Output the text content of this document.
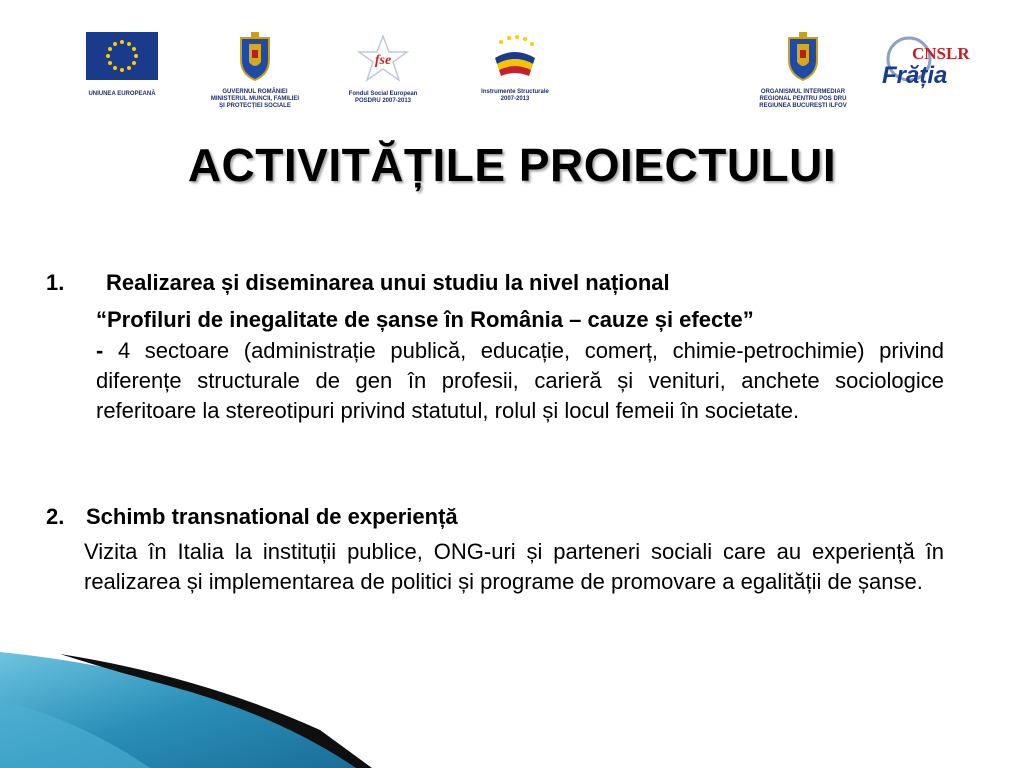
UNIUNEA EUROPEANĂ	GUVERNUL ROMÂNIEI
MINISTERUL MUNCII, FAMILIEI
ȘI PROTECȚIEI SOCIALE
fse
Fondul Social European
POSDRU 2007-2013
Instrumente Structurale
2007-2013
ORGANISMUL INTERMEDIAR
REGIONAL PENTRU POS DRU
REGIUNEA BUCUREȘTI ILFOV
CNSLR
Frăția
ACTIVITĂȚILE PROIECTULUI
1. Realizarea și diseminarea unui studiu la nivel național
“Profiluri de inegalitate de șanse în România – cauze și efecte”
- 4 sectoare (administrație publică, educație, comerț, chimie-petrochimie) privind diferențe structurale de gen în profesii, carieră și venituri, anchete sociologice referitoare la stereotipuri privind statutul, rolul și locul femeii în societate.
2. Schimb transnational de experiență
Vizita în Italia la instituții publice, ONG-uri și parteneri sociali care au experiență în realizarea și implementarea de politici și programe de promovare a egalității de șanse.
